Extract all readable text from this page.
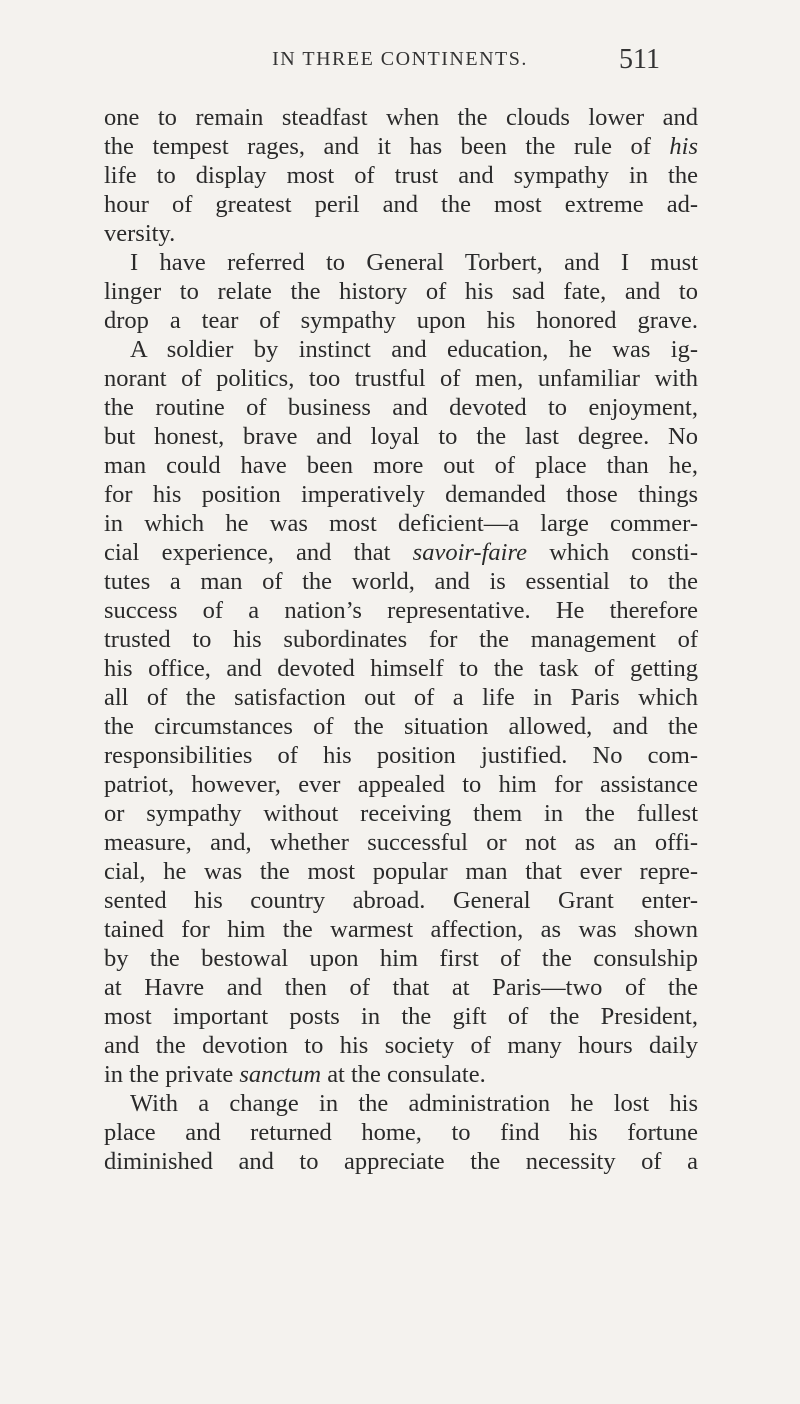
IN THREE CONTINENTS.	511
one to remain steadfast when the clouds lower and
the tempest rages, and it has been the rule of his
life to display most of trust and sympathy in the
hour of greatest peril and the most extreme ad-
versity.
I have referred to General Torbert, and I must
linger to relate the history of his sad fate, and to
drop a tear of sympathy upon his honored grave.
A soldier by instinct and education, he was ig-
norant of politics, too trustful of men, unfamiliar with
the routine of business and devoted to enjoyment,
but honest, brave and loyal to the last degree. No
man could have been more out of place than he,
for his position imperatively demanded those things
in which he was most deficient—a large commer-
cial experience, and that savoir-faire which consti-
tutes a man of the world, and is essential to the
success of a nation’s representative. He therefore
trusted to his subordinates for the management of
his office, and devoted himself to the task of getting
all of the satisfaction out of a life in Paris which
the circumstances of the situation allowed, and the
responsibilities of his position justified. No com-
patriot, however, ever appealed to him for assistance
or sympathy without receiving them in the fullest
measure, and, whether successful or not as an offi-
cial, he was the most popular man that ever repre-
sented his country abroad. General Grant enter-
tained for him the warmest affection, as was shown
by the bestowal upon him first of the consulship
at Havre and then of that at Paris—two of the
most important posts in the gift of the President,
and the devotion to his society of many hours daily
in the private sanctum at the consulate.
With a change in the administration he lost his
place and returned home, to find his fortune
diminished and to appreciate the necessity of a
